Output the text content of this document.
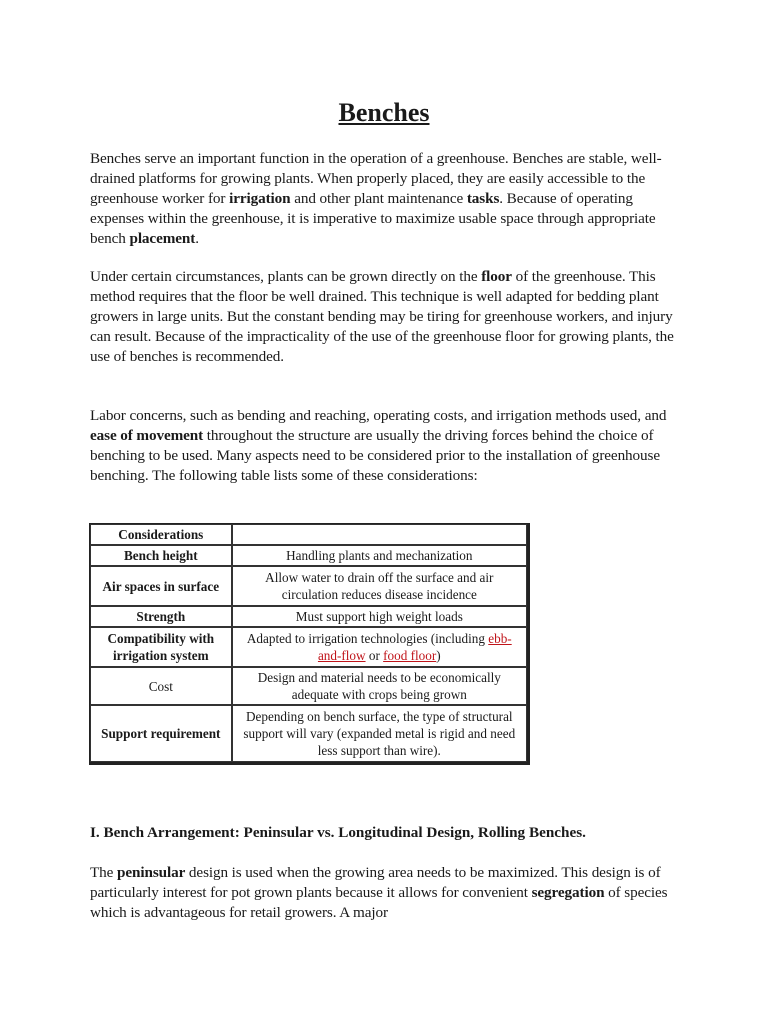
Benches

Benches serve an important function in the operation of a greenhouse. Benches are stable, well-drained platforms for growing plants. When properly placed, they are easily accessible to the greenhouse worker for irrigation and other plant maintenance tasks. Because of operating expenses within the greenhouse, it is imperative to maximize usable space through appropriate bench placement.

Under certain circumstances, plants can be grown directly on the floor of the greenhouse. This method requires that the floor be well drained. This technique is well adapted for bedding plant growers in large units. But the constant bending may be tiring for greenhouse workers, and injury can result. Because of the impracticality of the use of the greenhouse floor for growing plants, the use of benches is recommended.

Labor concerns, such as bending and reaching, operating costs, and irrigation methods used, and ease of movement throughout the structure are usually the driving forces behind the choice of benching to be used. Many aspects need to be considered prior to the installation of greenhouse benching. The following table lists some of these considerations:

Considerations	
Bench height	Handling plants and mechanization
Air spaces in surface	Allow water to drain off the surface and air circulation reduces disease incidence
Strength	Must support high weight loads
Compatibility with irrigation system	Adapted to irrigation technologies (including ebb-and-flow or food floor)
Cost	Design and material needs to be economically adequate with crops being grown
Support requirement	Depending on bench surface, the type of structural support will vary (expanded metal is rigid and need less support than wire).
I. Bench Arrangement: Peninsular vs. Longitudinal Design, Rolling Benches.

The peninsular design is used when the growing area needs to be maximized. This design is of particularly interest for pot grown plants because it allows for convenient segregation of species which is advantageous for retail growers. A major
